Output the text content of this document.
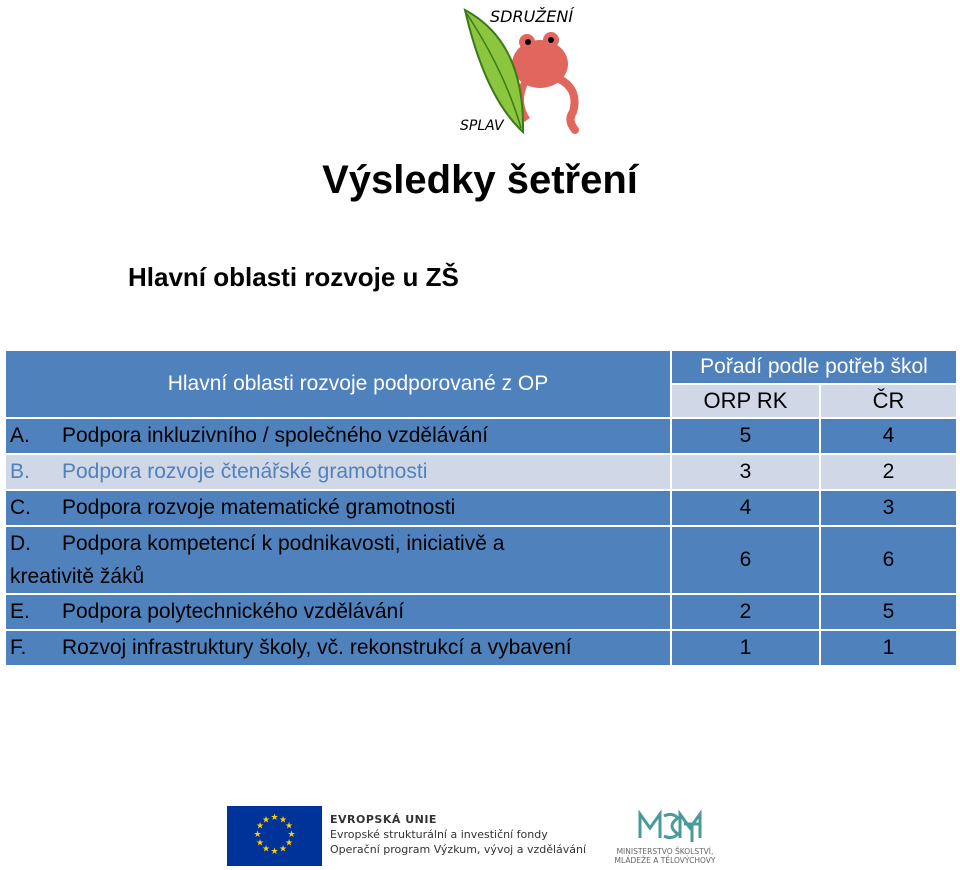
SDRUŽENÍ
SPLAV
Výsledky šetření
Hlavní oblasti rozvoje u ZŠ
Hlavní oblasti rozvoje podporované z OP	Pořadí podle potřeb škol	
	ORP RK	ČR
A. Podpora inkluzivního / společného vzdělávání	5	4
B. Podpora rozvoje čtenářské gramotnosti	3	2
C. Podpora rozvoje matematické gramotnosti	4	3
D. Podpora kompetencí k podnikavosti, iniciativě a
kreativitě žáků	6	6
E. Podpora polytechnického vzdělávání	2	5
F. Rozvoj infrastruktury školy, vč. rekonstrukcí a vybavení	1	1
★ ★
★
★
★
★
★
★
★
★
★
★	EVROPSKÁ UNIE
Evropské strukturální a investiční fondy
Operační program Výzkum, vývoj a vzdělávání	MINISTERSTVO ŠKOLSTVÍ,
MLÁDEŽE A TĚLOVÝCHOVY
